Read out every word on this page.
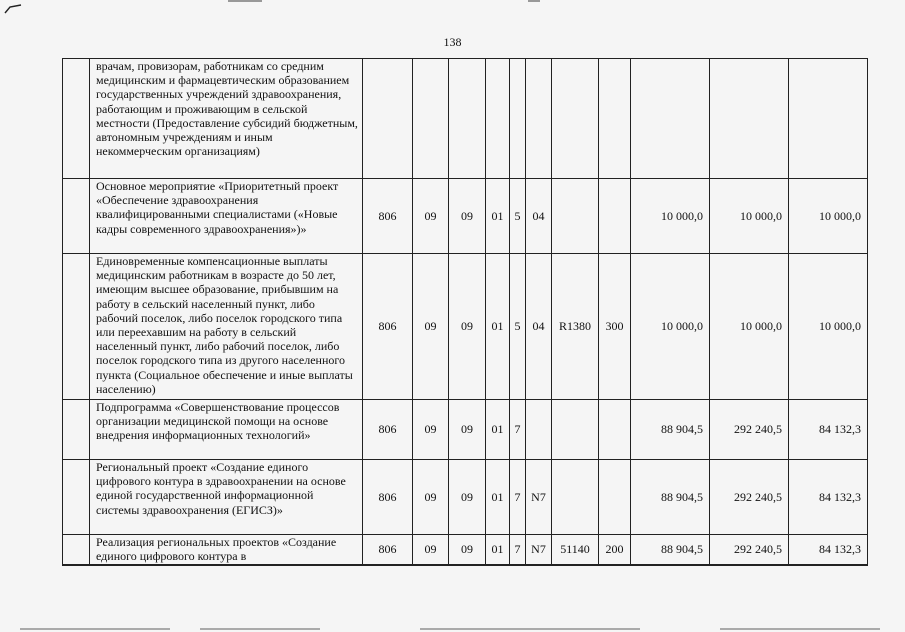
138
	врачам, провизорам, работникам со средним медицинским и фармацевтическим образованием государственных учреждений здравоохранения, работающим и проживающим в сельской местности (Предоставление субсидий бюджетным, автономным учреждениям и иным некоммерческим организациям)											
	Основное мероприятие «Приоритетный проект «Обеспечение здравоохранения квалифицированными специалистами («Новые кадры современного здравоохранения»)»	806	09	09	01	5	04			10 000,0	10 000,0	10 000,0
	Единовременные компенсационные выплаты медицинским работникам в возрасте до 50 лет, имеющим высшее образование, прибывшим на работу в сельский населенный пункт, либо рабочий поселок, либо поселок городского типа или переехавшим на работу в сельский населенный пункт, либо рабочий поселок, либо поселок городского типа из другого населенного пункта (Социальное обеспечение и иные выплаты населению)	806	09	09	01	5	04	R1380	300	10 000,0	10 000,0	10 000,0
	Подпрограмма «Совершенствование процессов организации медицинской помощи на основе внедрения информационных технологий»	806	09	09	01	7				88 904,5	292 240,5	84 132,3
	Региональный проект «Создание единого цифрового контура в здравоохранении на основе единой государственной информационной системы здравоохранения (ЕГИСЗ)»	806	09	09	01	7	N7			88 904,5	292 240,5	84 132,3
	Реализация региональных проектов «Создание единого цифрового контура в	806	09	09	01	7	N7	51140	200	88 904,5	292 240,5	84 132,3
